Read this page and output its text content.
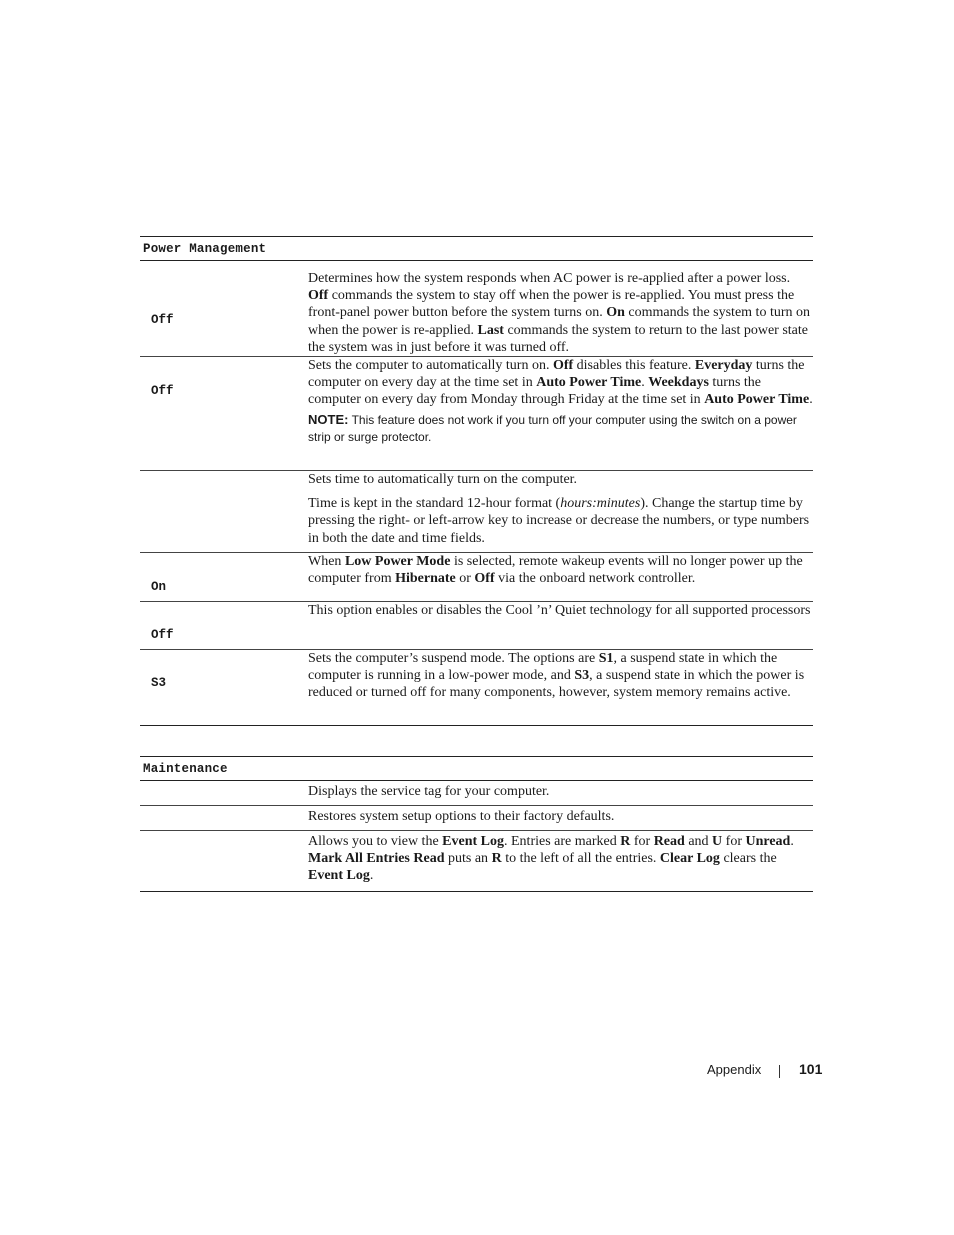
Power Management	

Off	Determines how the system responds when AC power is re-applied after a power loss. Off commands the system to stay off when the power is re-applied. You must press the front-panel power button before the system turns on. On commands the system to turn on when the power is re-applied. Last commands the system to return to the last power state the system was in just before it was turned off.

Off	Sets the computer to automatically turn on. Off disables this feature. Everyday turns the computer on every day at the time set in Auto Power Time. Weekdays turns the computer on every day from Monday through Friday at the time set in Auto Power Time.
NOTE: This feature does not work if you turn off your computer using the switch on a power strip or surge protector.

	Sets time to automatically turn on the computer.
Time is kept in the standard 12-hour format (hours:minutes). Change the startup time by pressing the right- or left-arrow key to increase or decrease the numbers, or type numbers in both the date and time fields.

On	When Low Power Mode is selected, remote wakeup events will no longer power up the computer from Hibernate or Off via the onboard network controller.

Off	This option enables or disables the Cool ’n’ Quiet technology for all supported processors

S3	Sets the computer’s suspend mode. The options are S1, a suspend state in which the computer is running in a low-power mode, and S3, a suspend state in which the power is reduced or turned off for many components, however, system memory remains active.
Maintenance	

	Displays the service tag for your computer.

	Restores system setup options to their factory defaults.

	Allows you to view the Event Log. Entries are marked R for Read and U for Unread. Mark All Entries Read puts an R to the left of all the entries. Clear Log clears the Event Log.
Appendix	101
